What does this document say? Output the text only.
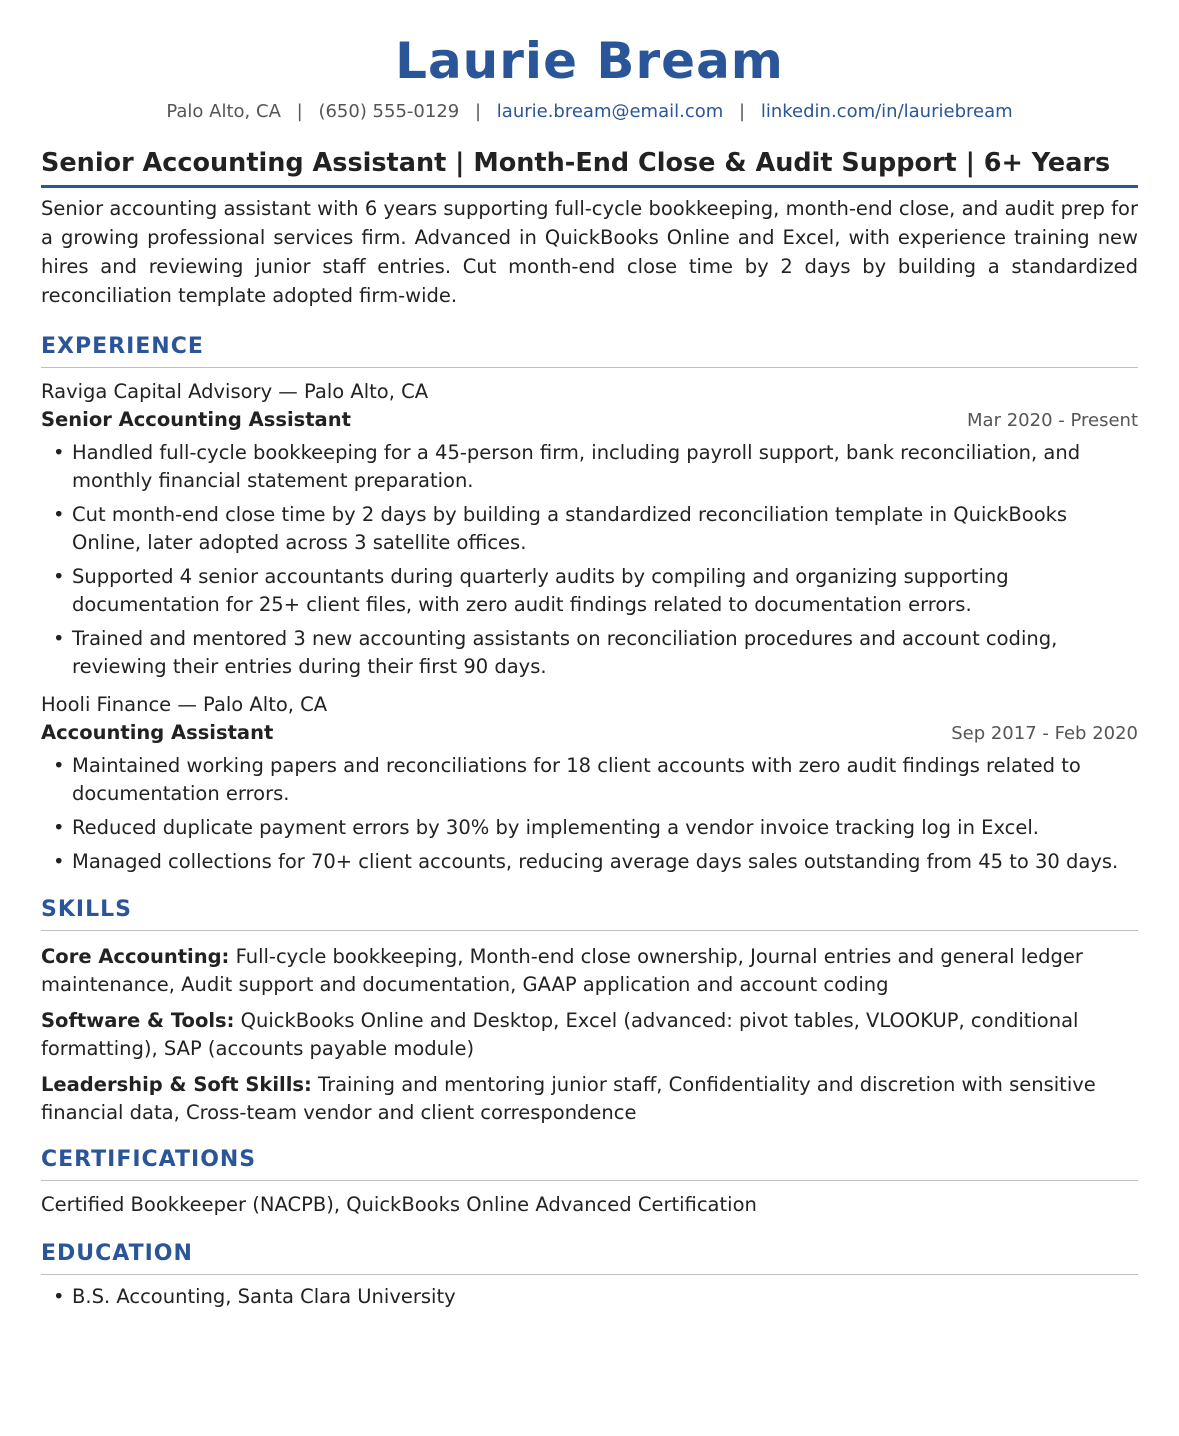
Laurie Bream
Palo Alto, CA | (650) 555-0129 | laurie.bream@email.com | linkedin.com/in/lauriebream
Senior Accounting Assistant | Month-End Close & Audit Support | 6+ Years
Senior accounting assistant with 6 years supporting full-cycle bookkeeping, month-end close, and audit prep for a growing professional services firm. Advanced in QuickBooks Online and Excel, with experience training new hires and reviewing junior staff entries. Cut month-end close time by 2 days by building a standardized reconciliation template adopted firm-wide.
EXPERIENCE
Raviga Capital Advisory — Palo Alto, CA
Senior Accounting Assistant	Mar 2020 - Present
• Handled full-cycle bookkeeping for a 45-person firm, including payroll support, bank reconciliation, and monthly financial statement preparation.
• Cut month-end close time by 2 days by building a standardized reconciliation template in QuickBooks Online, later adopted across 3 satellite offices.
• Supported 4 senior accountants during quarterly audits by compiling and organizing supporting documentation for 25+ client files, with zero audit findings related to documentation errors.
• Trained and mentored 3 new accounting assistants on reconciliation procedures and account coding, reviewing their entries during their first 90 days.
Hooli Finance — Palo Alto, CA
Accounting Assistant	Sep 2017 - Feb 2020
• Maintained working papers and reconciliations for 18 client accounts with zero audit findings related to documentation errors.
• Reduced duplicate payment errors by 30% by implementing a vendor invoice tracking log in Excel.
• Managed collections for 70+ client accounts, reducing average days sales outstanding from 45 to 30 days.
SKILLS
Core Accounting: Full-cycle bookkeeping, Month-end close ownership, Journal entries and general ledger maintenance, Audit support and documentation, GAAP application and account coding
Software & Tools: QuickBooks Online and Desktop, Excel (advanced: pivot tables, VLOOKUP, conditional formatting), SAP (accounts payable module)
Leadership & Soft Skills: Training and mentoring junior staff, Confidentiality and discretion with sensitive financial data, Cross-team vendor and client correspondence
CERTIFICATIONS
Certified Bookkeeper (NACPB), QuickBooks Online Advanced Certification
EDUCATION
• B.S. Accounting, Santa Clara University
